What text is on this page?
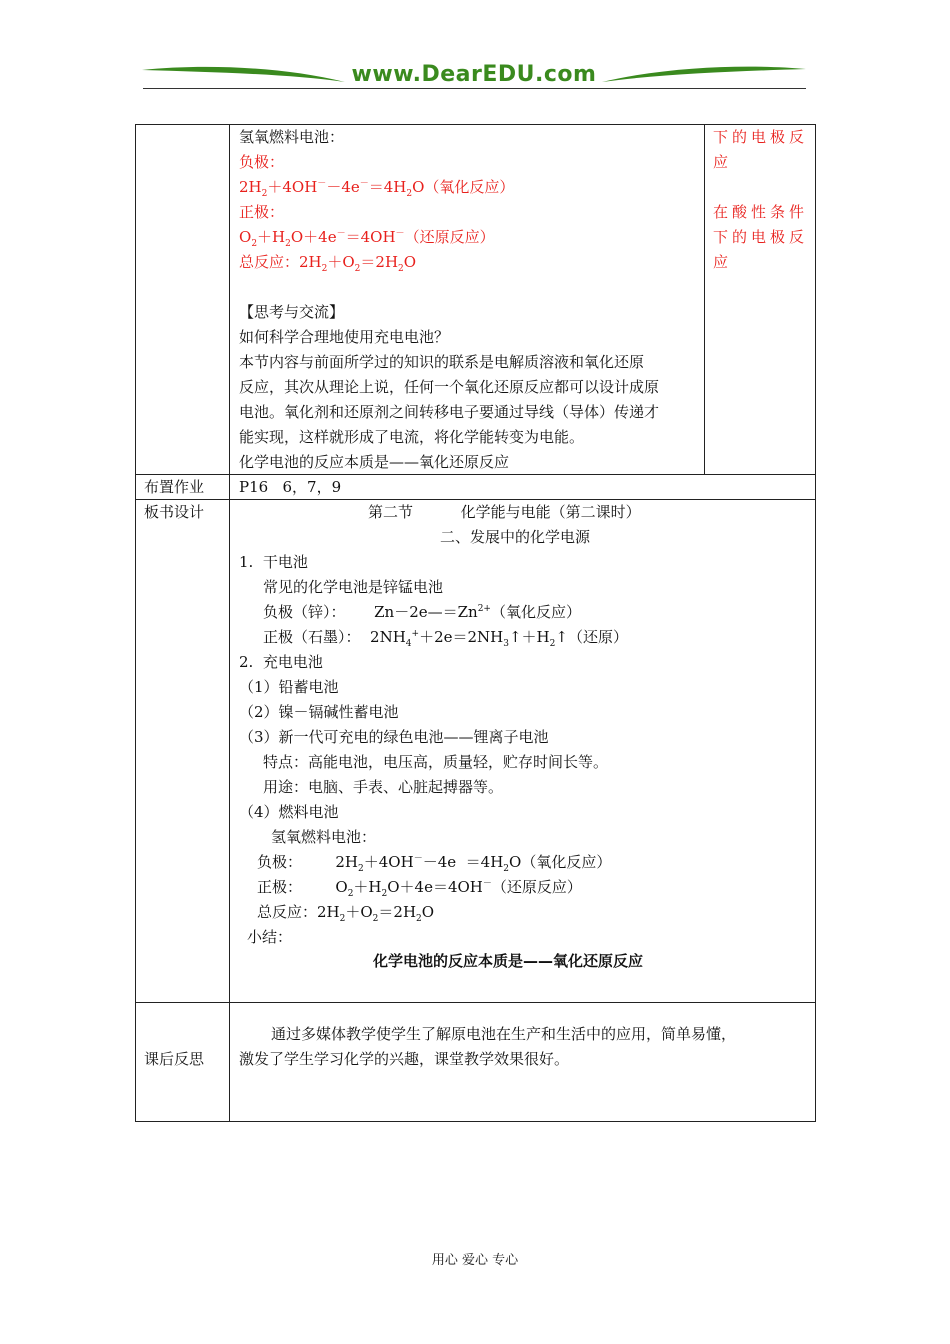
www.DearEDU.com
氢氧燃料电池：
负极：
$2H_2+4OH^--4e^-=4H_2O$（氧化反应）
正极：
$O_2+H_2O+4e^-=4OH^-$（还原反应）
总反应：$2H_2+O_2=2H_2O$
【思考与交流】
如何科学合理地使用充电电池？
本节内容与前面所学过的知识的联系是电解质溶液和氧化还原
反应，其次从理论上说，任何一个氧化还原反应都可以设计成原
电池。氧化剂和还原剂之间转移电子要通过导线（导体）传递才
能实现，这样就形成了电流，将化学能转变为电能。
化学电池的反应本质是——氧化还原反应
下的电极反
应
在酸性条件
下的电极反
应
布置作业 P16   6，7，9
板书设计	第二节          化学能与电能（第二课时）
二、发展中的化学电源
1.  干电池
常见的化学电池是锌锰电池
负极（锌）：      $Zn-2e—=Zn^{2+}$（氧化反应）
正极（石墨）：  $2NH_4^++2e=2NH_3↑+H_2↑$（还原）
2.  充电电池
（1）铅蓄电池
（2）镍－镉碱性蓄电池
（3）新一代可充电的绿色电池——锂离子电池
特点：高能电池，电压高，质量轻，贮存时间长等。
用途：电脑、手表、心脏起搏器等。
（4）燃料电池
氢氧燃料电池：
负极：       $2H_2+4OH^--4e =4H_2O$（氧化反应）
正极：       $O_2+H_2O+4e=4OH^-$（还原反应）
总反应：$2H_2+O_2=2H_2O$
小结：
化学电池的反应本质是——氧化还原反应
课后反思
通过多媒体教学使学生了解原电池在生产和生活中的应用，简单易懂，
激发了学生学习化学的兴趣，课堂教学效果很好。
用心 爱心 专心
